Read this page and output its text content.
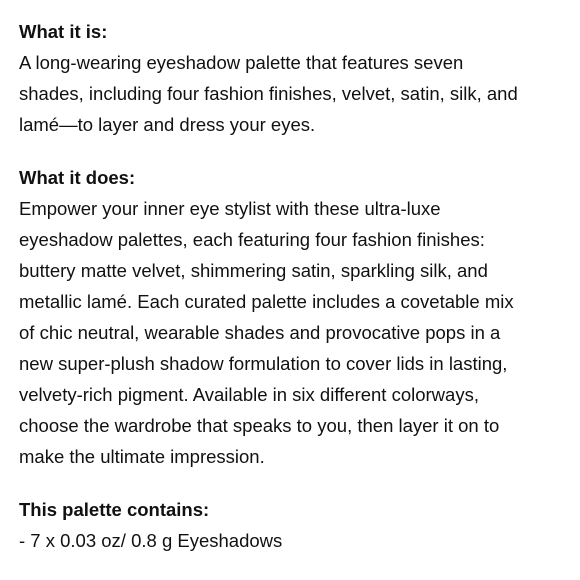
What it is:

A long-wearing eyeshadow palette that features seven
shades, including four fashion finishes, velvet, satin, silk, and
lamé—to layer and dress your eyes.

What it does:

Empower your inner eye stylist with these ultra-luxe
eyeshadow palettes, each featuring four fashion finishes:
buttery matte velvet, shimmering satin, sparkling silk, and
metallic lamé. Each curated palette includes a covetable mix
of chic neutral, wearable shades and provocative pops in a
new super-plush shadow formulation to cover lids in lasting,
velvety-rich pigment. Available in six different colorways,
choose the wardrobe that speaks to you, then layer it on to
make the ultimate impression.

This palette contains:

- 7 x 0.03 oz/ 0.8 g Eyeshadows
